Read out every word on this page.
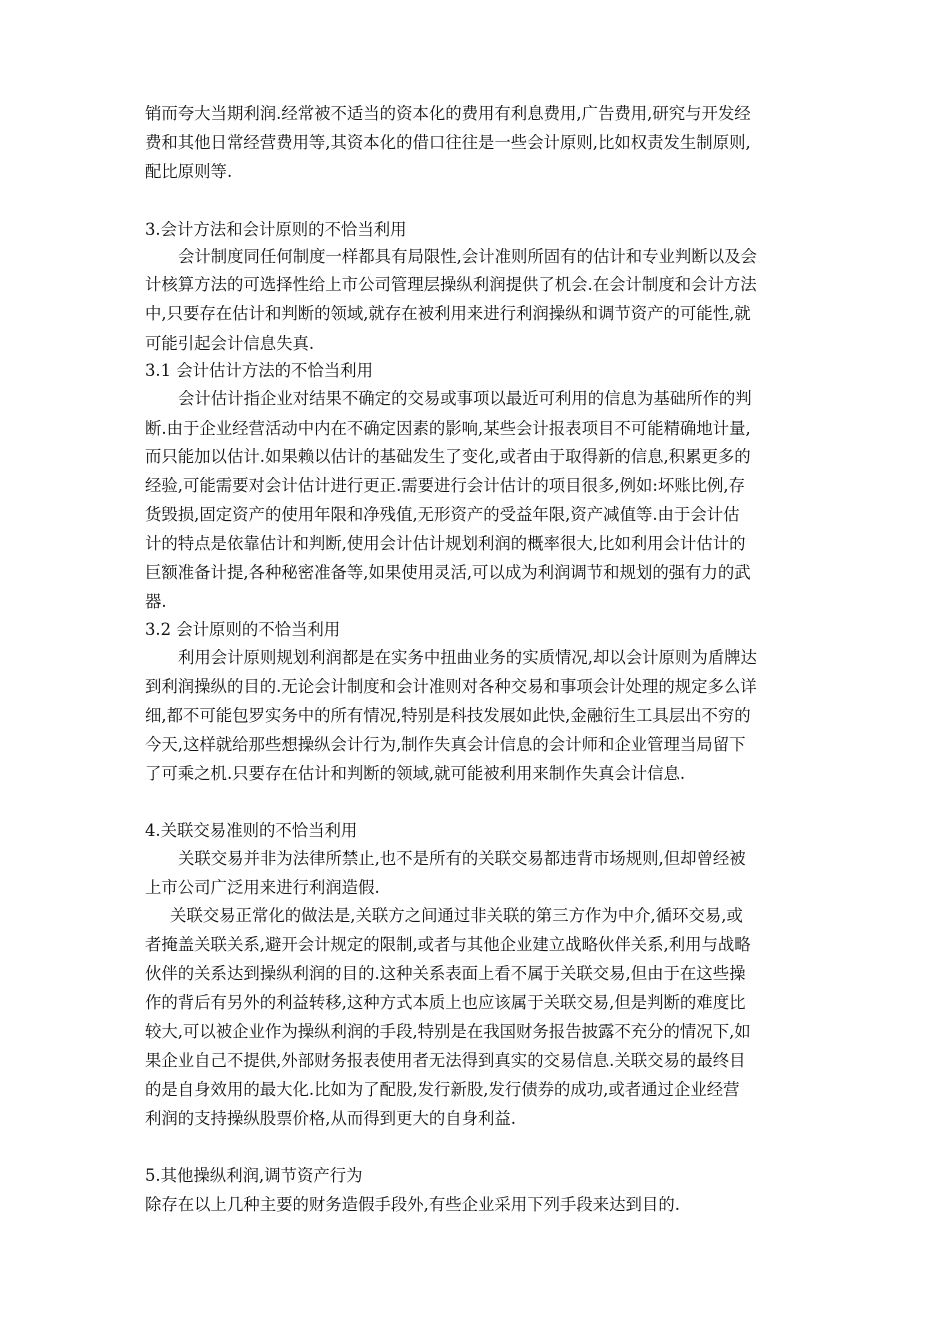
销而夸大当期利润.经常被不适当的资本化的费用有利息费用,广告费用,研究与开发经
费和其他日常经营费用等,其资本化的借口往往是一些会计原则,比如权责发生制原则,
配比原则等.
3.会计方法和会计原则的不恰当利用
会计制度同任何制度一样都具有局限性,会计准则所固有的估计和专业判断以及会
计核算方法的可选择性给上市公司管理层操纵利润提供了机会.在会计制度和会计方法
中,只要存在估计和判断的领域,就存在被利用来进行利润操纵和调节资产的可能性,就
可能引起会计信息失真.
3.1 会计估计方法的不恰当利用
会计估计指企业对结果不确定的交易或事项以最近可利用的信息为基础所作的判
断.由于企业经营活动中内在不确定因素的影响,某些会计报表项目不可能精确地计量,
而只能加以估计.如果赖以估计的基础发生了变化,或者由于取得新的信息,积累更多的
经验,可能需要对会计估计进行更正.需要进行会计估计的项目很多,例如:坏账比例,存
货毁损,固定资产的使用年限和净残值,无形资产的受益年限,资产减值等.由于会计估
计的特点是依靠估计和判断,使用会计估计规划利润的概率很大,比如利用会计估计的
巨额准备计提,各种秘密准备等,如果使用灵活,可以成为利润调节和规划的强有力的武
器.
3.2 会计原则的不恰当利用
利用会计原则规划利润都是在实务中扭曲业务的实质情况,却以会计原则为盾牌达
到利润操纵的目的.无论会计制度和会计准则对各种交易和事项会计处理的规定多么详
细,都不可能包罗实务中的所有情况,特别是科技发展如此快,金融衍生工具层出不穷的
今天,这样就给那些想操纵会计行为,制作失真会计信息的会计师和企业管理当局留下
了可乘之机.只要存在估计和判断的领域,就可能被利用来制作失真会计信息.
4.关联交易准则的不恰当利用
关联交易并非为法律所禁止,也不是所有的关联交易都违背市场规则,但却曾经被
上市公司广泛用来进行利润造假.
关联交易正常化的做法是,关联方之间通过非关联的第三方作为中介,循环交易,或
者掩盖关联关系,避开会计规定的限制,或者与其他企业建立战略伙伴关系,利用与战略
伙伴的关系达到操纵利润的目的.这种关系表面上看不属于关联交易,但由于在这些操
作的背后有另外的利益转移,这种方式本质上也应该属于关联交易,但是判断的难度比
较大,可以被企业作为操纵利润的手段,特别是在我国财务报告披露不充分的情况下,如
果企业自己不提供,外部财务报表使用者无法得到真实的交易信息.关联交易的最终目
的是自身效用的最大化.比如为了配股,发行新股,发行债券的成功,或者通过企业经营
利润的支持操纵股票价格,从而得到更大的自身利益.
5.其他操纵利润,调节资产行为
除存在以上几种主要的财务造假手段外,有些企业采用下列手段来达到目的.
